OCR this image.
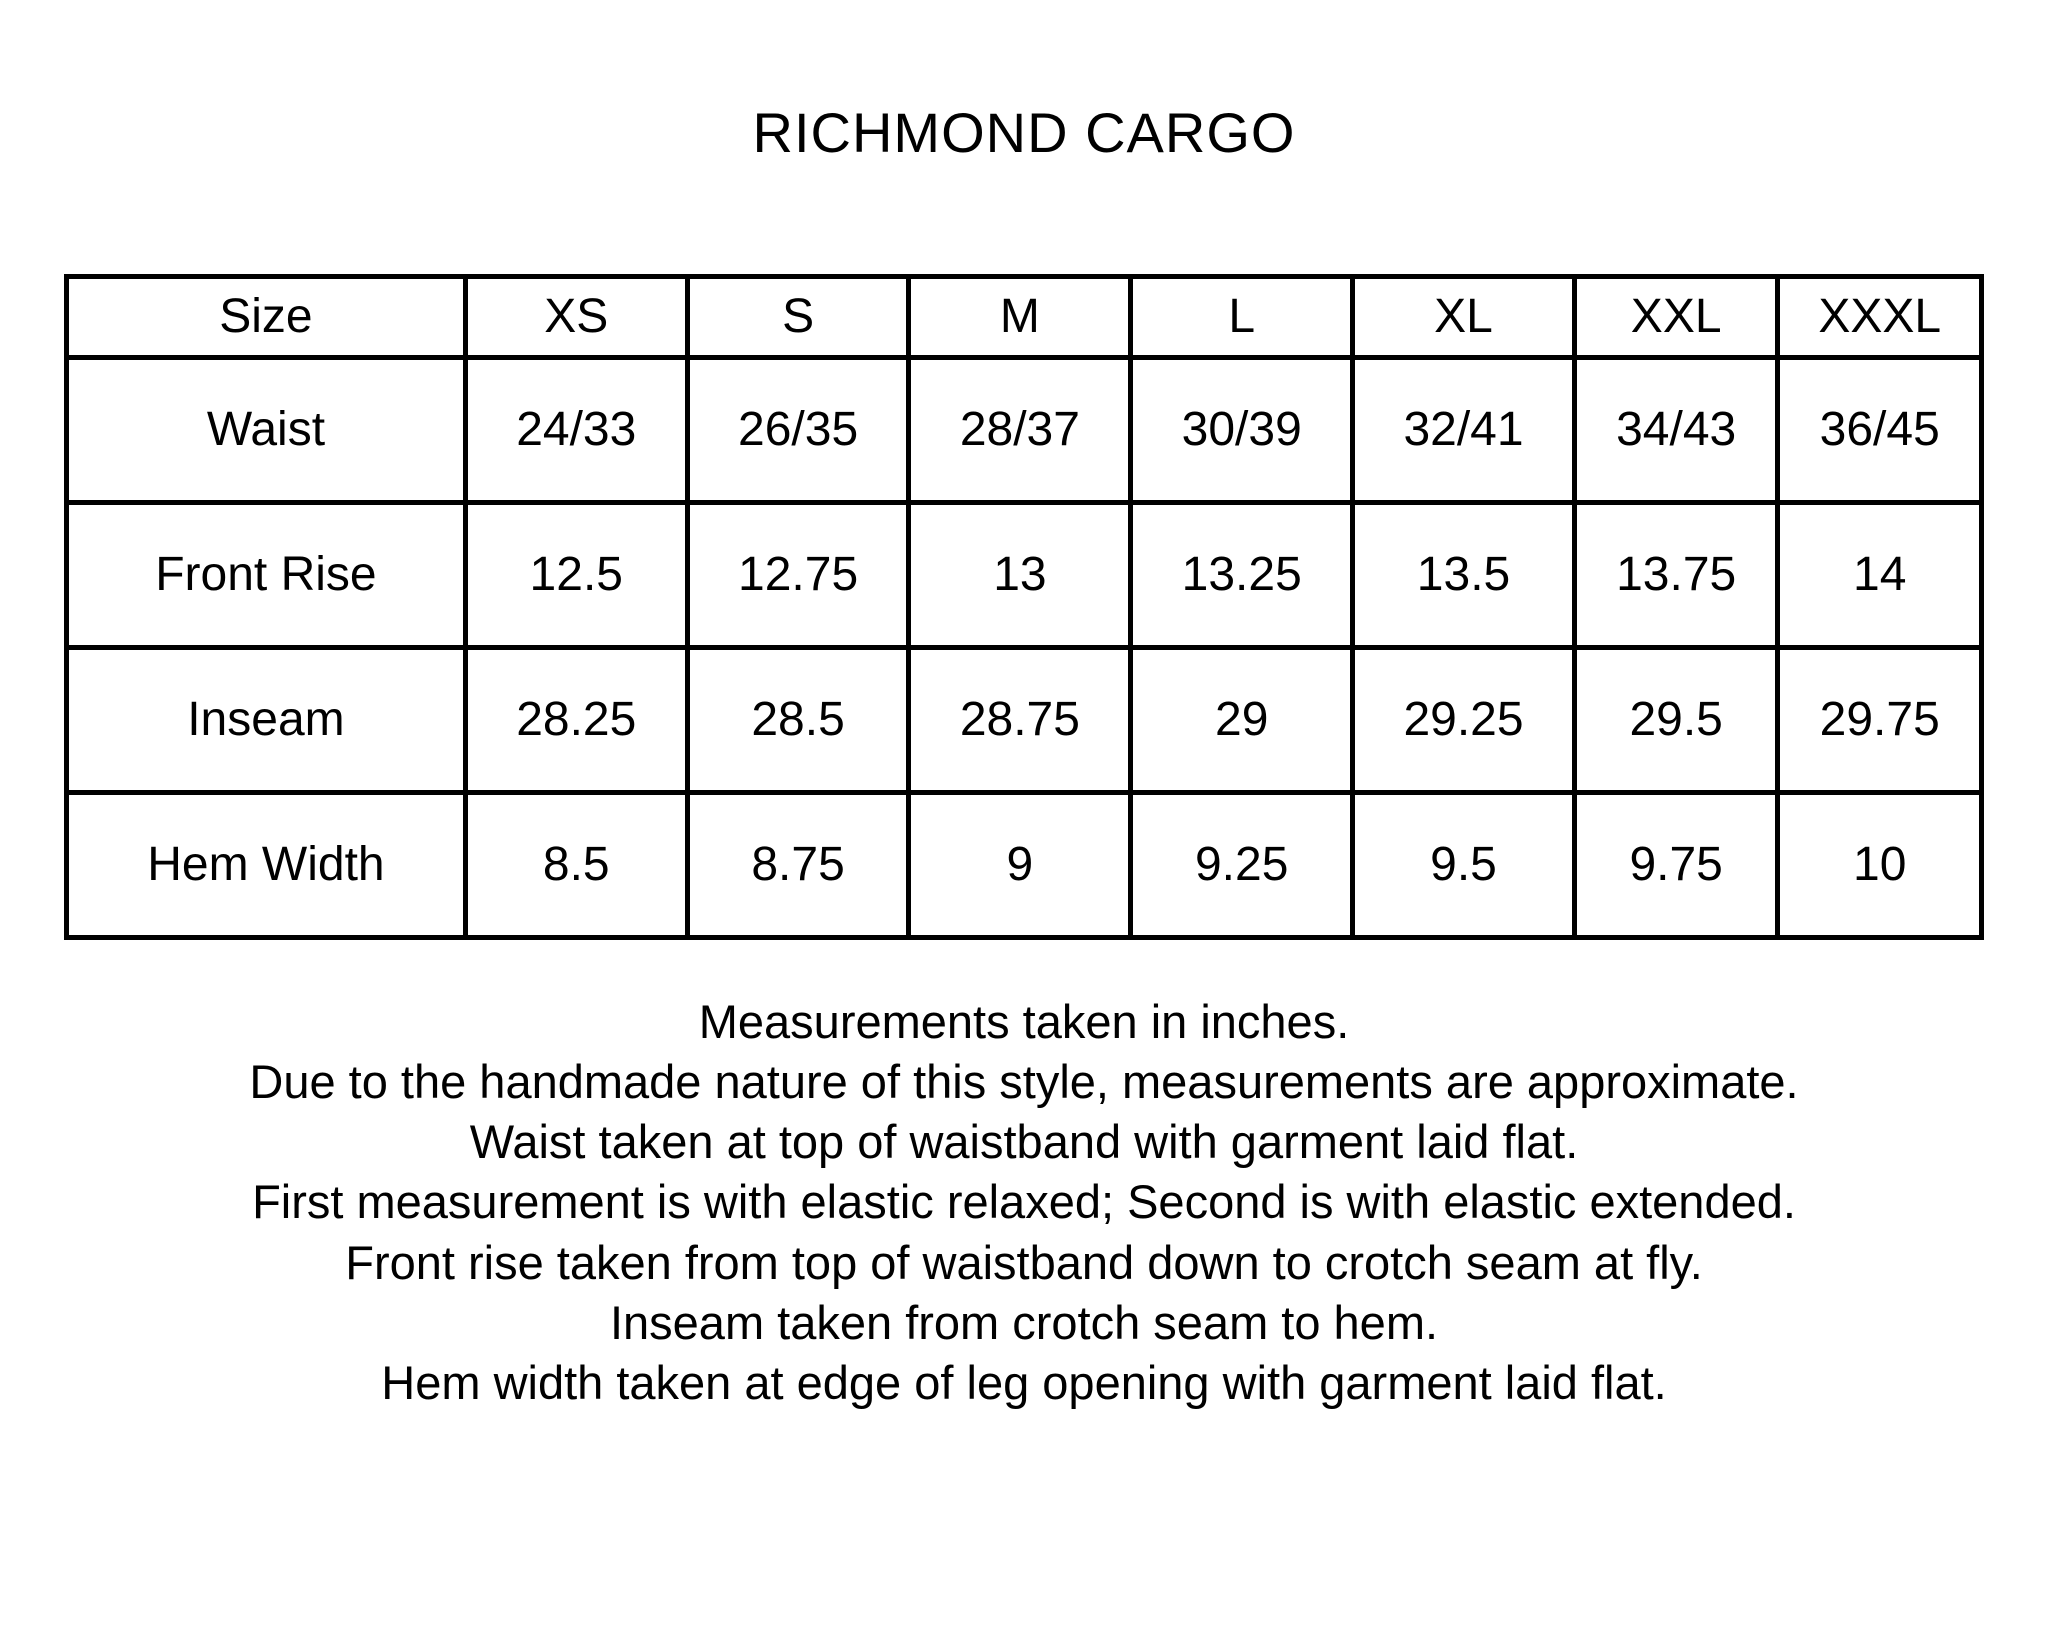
RICHMOND CARGO
Size	XS	S	M	L	XL	XXL	XXXL
Waist	24/33	26/35	28/37	30/39	32/41	34/43	36/45
Front Rise	12.5	12.75	13	13.25	13.5	13.75	14
Inseam	28.25	28.5	28.75	29	29.25	29.5	29.75
Hem Width	8.5	8.75	9	9.25	9.5	9.75	10
Measurements taken in inches.
Due to the handmade nature of this style, measurements are approximate.
Waist taken at top of waistband with garment laid flat.
First measurement is with elastic relaxed; Second is with elastic extended.
Front rise taken from top of waistband down to crotch seam at fly.
Inseam taken from crotch seam to hem.
Hem width taken at edge of leg opening with garment laid flat.
